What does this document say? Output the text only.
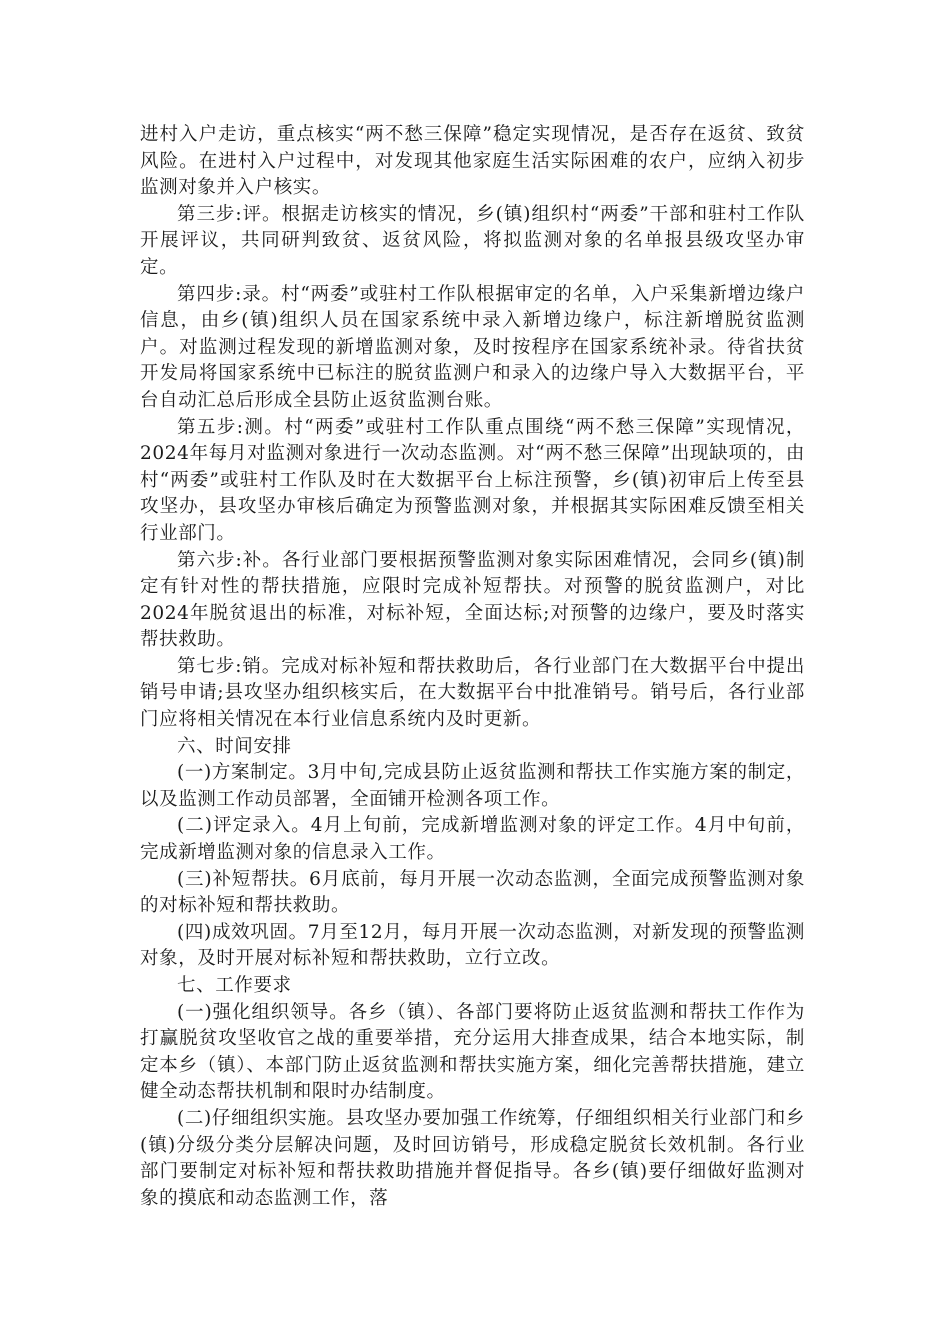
进村入户走访，重点核实“两不愁三保障”稳定实现情况，是否存在返贫、致贫风险。在进村入户过程中，对发现其他家庭生活实际困难的农户，应纳入初步监测对象并入户核实。

第三步:评。根据走访核实的情况，乡(镇)组织村“两委”干部和驻村工作队开展评议，共同研判致贫、返贫风险，将拟监测对象的名单报县级攻坚办审定。

第四步:录。村“两委”或驻村工作队根据审定的名单，入户采集新增边缘户信息，由乡(镇)组织人员在国家系统中录入新增边缘户，标注新增脱贫监测户。对监测过程发现的新增监测对象，及时按程序在国家系统补录。待省扶贫开发局将国家系统中已标注的脱贫监测户和录入的边缘户导入大数据平台，平台自动汇总后形成全县防止返贫监测台账。

第五步:测。村“两委”或驻村工作队重点围绕“两不愁三保障”实现情况，2024年每月对监测对象进行一次动态监测。对“两不愁三保障”出现缺项的，由村“两委”或驻村工作队及时在大数据平台上标注预警，乡(镇)初审后上传至县攻坚办，县攻坚办审核后确定为预警监测对象，并根据其实际困难反馈至相关行业部门。

第六步:补。各行业部门要根据预警监测对象实际困难情况，会同乡(镇)制定有针对性的帮扶措施，应限时完成补短帮扶。对预警的脱贫监测户，对比2024年脱贫退出的标准，对标补短，全面达标;对预警的边缘户，要及时落实帮扶救助。

第七步:销。完成对标补短和帮扶救助后，各行业部门在大数据平台中提出销号申请;县攻坚办组织核实后，在大数据平台中批准销号。销号后，各行业部门应将相关情况在本行业信息系统内及时更新。

六、时间安排

(一)方案制定。3月中旬,完成县防止返贫监测和帮扶工作实施方案的制定，以及监测工作动员部署，全面铺开检测各项工作。

(二)评定录入。4月上旬前，完成新增监测对象的评定工作。4月中旬前，完成新增监测对象的信息录入工作。

(三)补短帮扶。6月底前，每月开展一次动态监测，全面完成预警监测对象的对标补短和帮扶救助。

(四)成效巩固。7月至12月，每月开展一次动态监测，对新发现的预警监测对象，及时开展对标补短和帮扶救助，立行立改。

七、工作要求

(一)强化组织领导。各乡（镇）、各部门要将防止返贫监测和帮扶工作作为打赢脱贫攻坚收官之战的重要举措，充分运用大排查成果，结合本地实际，制定本乡（镇）、本部门防止返贫监测和帮扶实施方案，细化完善帮扶措施，建立健全动态帮扶机制和限时办结制度。

(二)仔细组织实施。县攻坚办要加强工作统筹，仔细组织相关行业部门和乡(镇)分级分类分层解决问题，及时回访销号，形成稳定脱贫长效机制。各行业部门要制定对标补短和帮扶救助措施并督促指导。各乡(镇)要仔细做好监测对象的摸底和动态监测工作，落
